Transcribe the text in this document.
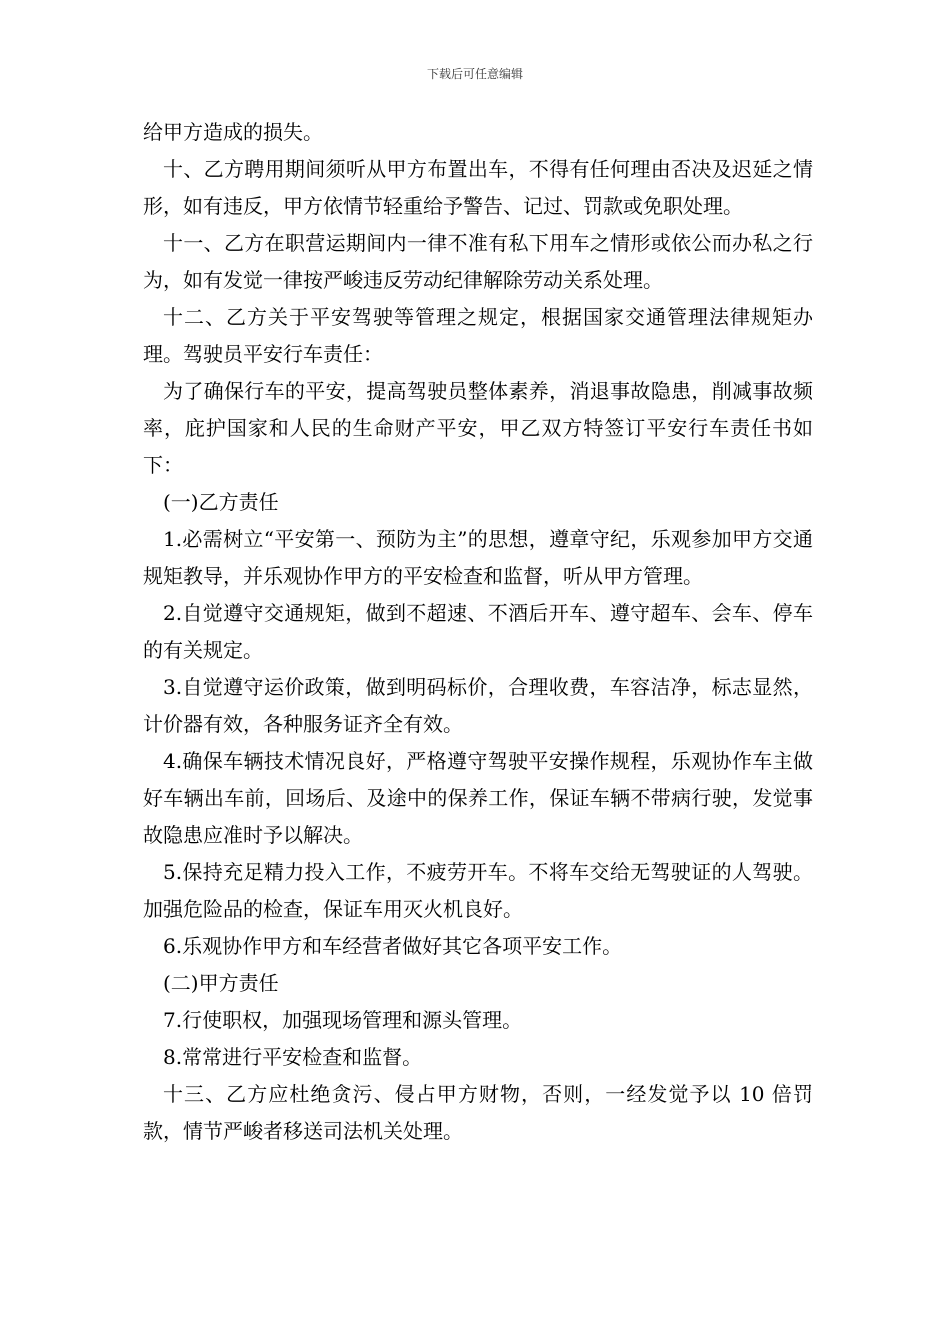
下载后可任意编辑

给甲方造成的损失。

十、乙方聘用期间须听从甲方布置出车，不得有任何理由否决及迟延之情形，如有违反，甲方依情节轻重给予警告、记过、罚款或免职处理。

十一、乙方在职营运期间内一律不准有私下用车之情形或依公而办私之行为，如有发觉一律按严峻违反劳动纪律解除劳动关系处理。

十二、乙方关于平安驾驶等管理之规定，根据国家交通管理法律规矩办理。驾驶员平安行车责任：

为了确保行车的平安，提高驾驶员整体素养，消退事故隐患，削减事故频率，庇护国家和人民的生命财产平安，甲乙双方特签订平安行车责任书如下：

(一)乙方责任

1.必需树立“平安第一、预防为主”的思想，遵章守纪，乐观参加甲方交通规矩教导，并乐观协作甲方的平安检查和监督，听从甲方管理。

2.自觉遵守交通规矩，做到不超速、不酒后开车、遵守超车、会车、停车的有关规定。

3.自觉遵守运价政策，做到明码标价，合理收费，车容洁净，标志显然，计价器有效，各种服务证齐全有效。

4.确保车辆技术情况良好，严格遵守驾驶平安操作规程，乐观协作车主做好车辆出车前，回场后、及途中的保养工作，保证车辆不带病行驶，发觉事故隐患应准时予以解决。

5.保持充足精力投入工作，不疲劳开车。不将车交给无驾驶证的人驾驶。加强危险品的检查，保证车用灭火机良好。

6.乐观协作甲方和车经营者做好其它各项平安工作。

(二)甲方责任

7.行使职权，加强现场管理和源头管理。

8.常常进行平安检查和监督。

十三、乙方应杜绝贪污、侵占甲方财物，否则，一经发觉予以 10 倍罚款，情节严峻者移送司法机关处理。
